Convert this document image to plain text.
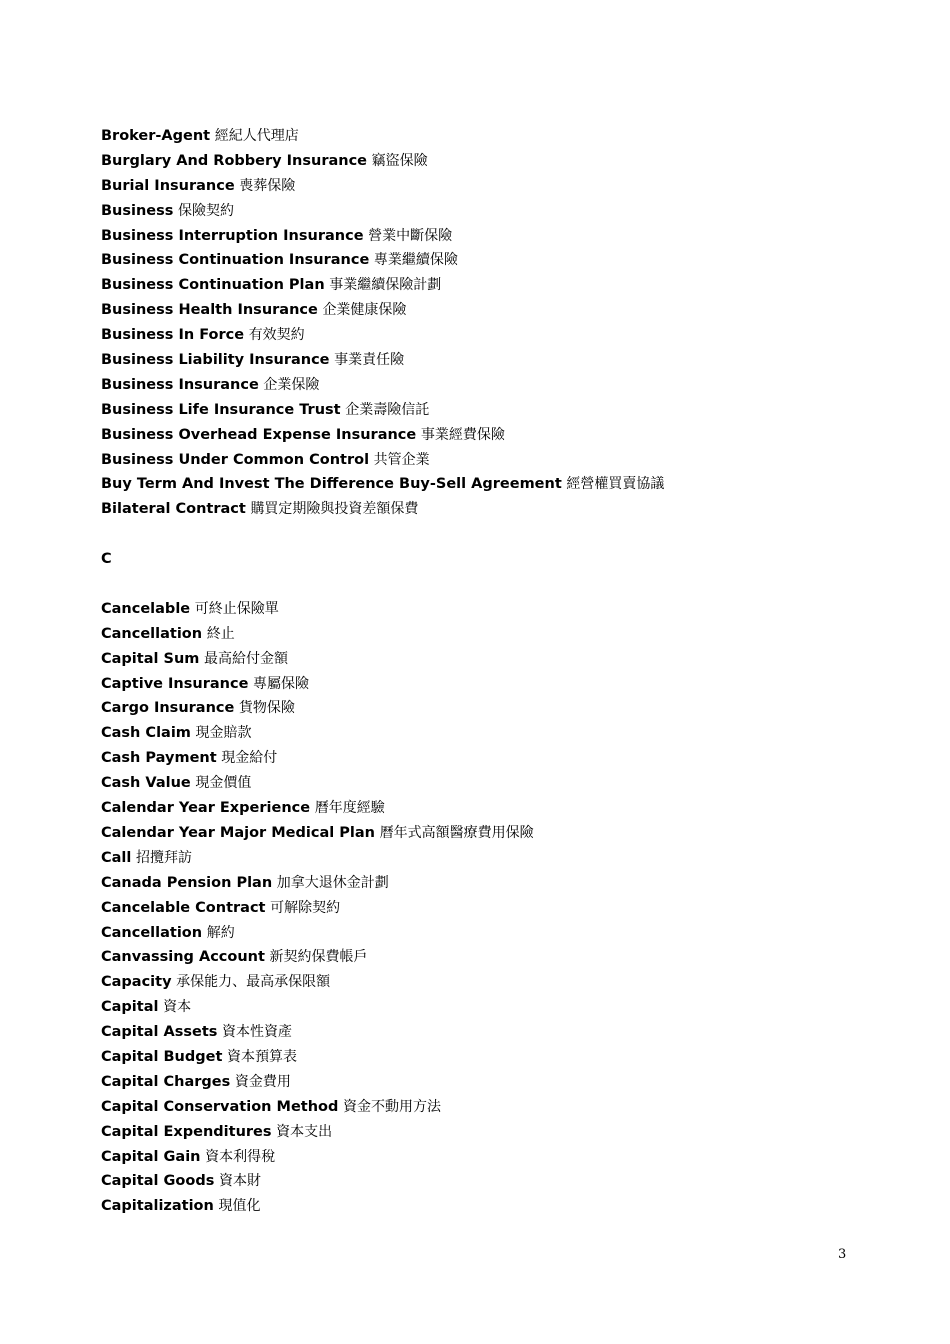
Broker-Agent 經紀人代理店
Burglary And Robbery Insurance 竊盜保險
Burial Insurance 喪葬保險
Business 保險契約
Business Interruption Insurance 營業中斷保險
Business Continuation Insurance 專業繼續保險
Business Continuation Plan 事業繼續保險計劃
Business Health Insurance 企業健康保險
Business In Force 有效契約
Business Liability Insurance 事業責任險
Business Insurance 企業保險
Business Life Insurance Trust 企業壽險信託
Business Overhead Expense Insurance 事業經費保險
Business Under Common Control 共管企業
Buy Term And Invest The Difference Buy-Sell Agreement 經營權買賣協議
Bilateral Contract 購買定期險與投資差額保費
C
Cancelable 可終止保險單
Cancellation 終止
Capital Sum 最高給付金額
Captive Insurance 專屬保險
Cargo Insurance 貨物保險
Cash Claim 現金賠款
Cash Payment 現金給付
Cash Value 現金價值
Calendar Year Experience 曆年度經驗
Calendar Year Major Medical Plan 曆年式高額醫療費用保險
Call 招攬拜訪
Canada Pension Plan 加拿大退休金計劃
Cancelable Contract 可解除契約
Cancellation 解約
Canvassing Account 新契約保費帳戶
Capacity 承保能力、最高承保限額
Capital 資本
Capital Assets 資本性資產
Capital Budget 資本預算表
Capital Charges 資金費用
Capital Conservation Method 資金不動用方法
Capital Expenditures 資本支出
Capital Gain 資本利得稅
Capital Goods 資本財
Capitalization 現值化
3
